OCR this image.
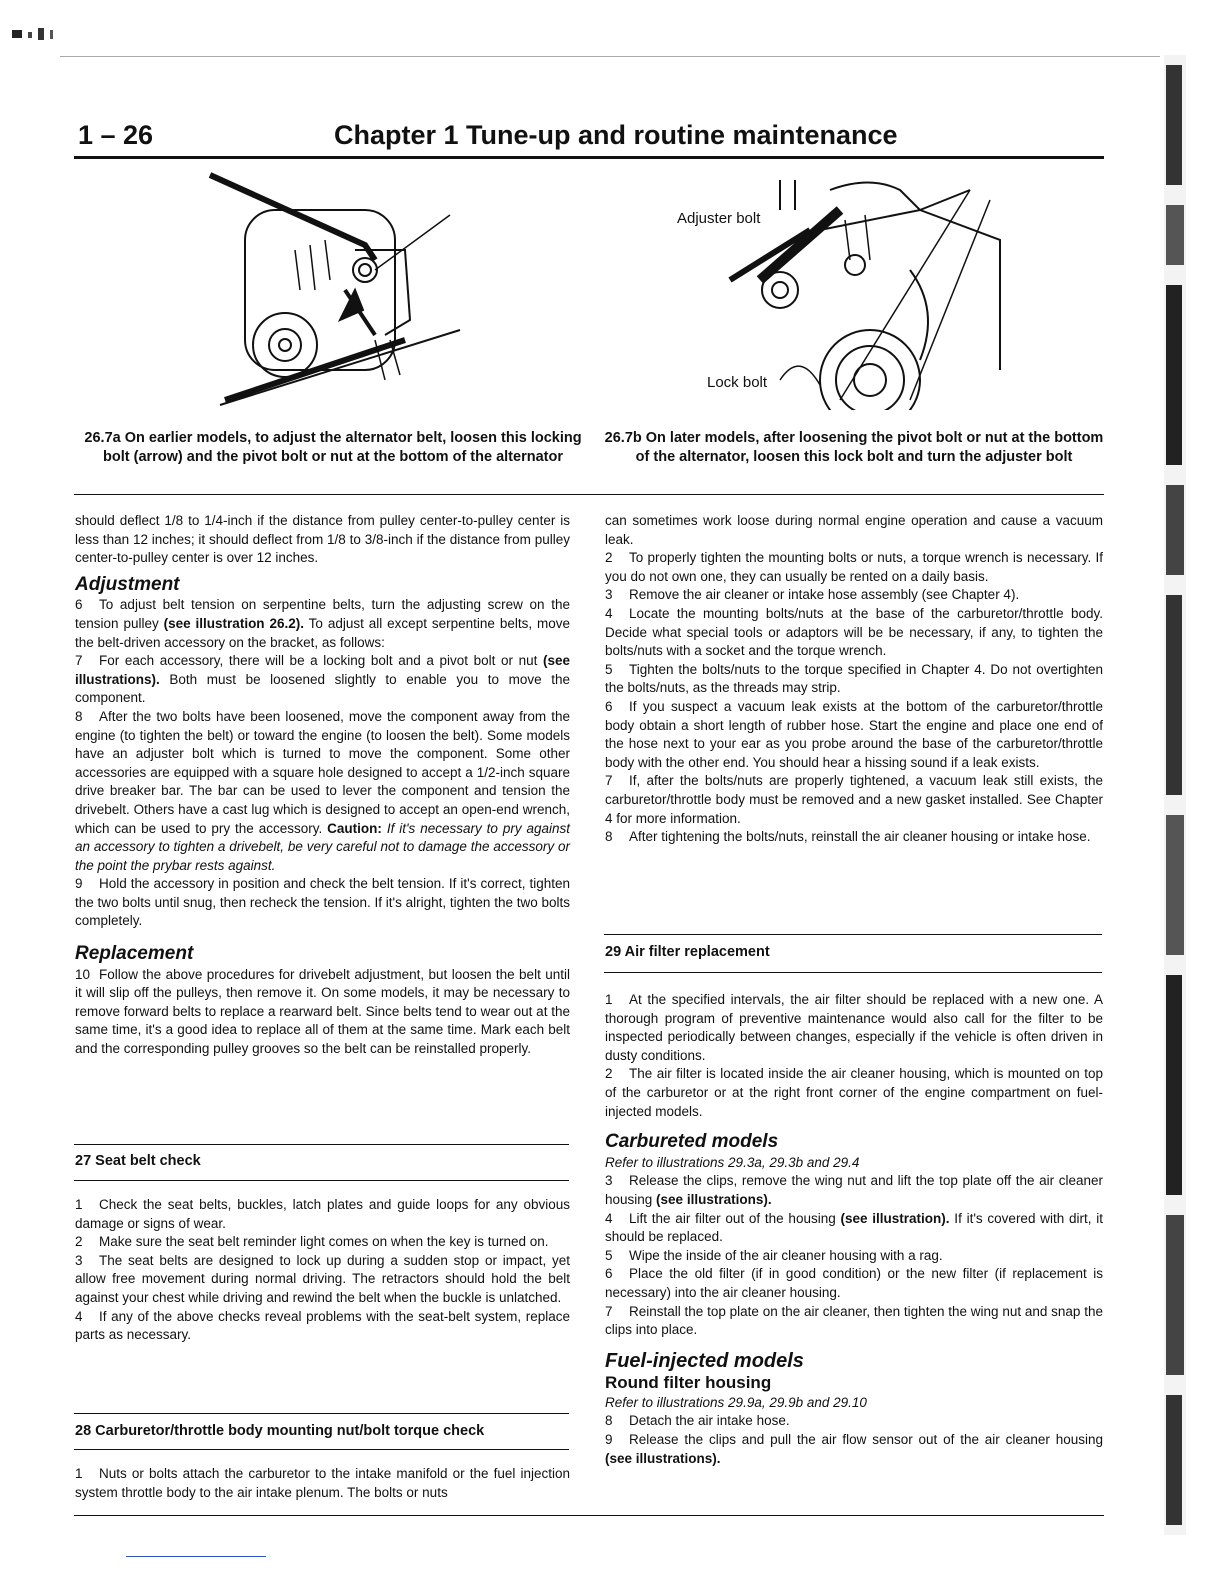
1 – 26	Chapter 1 Tune-up and routine maintenance
Adjuster bolt
Lock bolt
26.7a On earlier models, to adjust the alternator belt, loosen this locking bolt (arrow) and the pivot bolt or nut at the bottom of the alternator
26.7b On later models, after loosening the pivot bolt or nut at the bottom of the alternator, loosen this lock bolt and turn the adjuster bolt

should deflect 1/8 to 1/4-inch if the distance from pulley center-to-pulley center is less than 12 inches; it should deflect from 1/8 to 3/8-inch if the distance from pulley center-to-pulley center is over 12 inches.

Adjustment

6 To adjust belt tension on serpentine belts, turn the adjusting screw on the tension pulley (see illustration 26.2). To adjust all except serpentine belts, move the belt-driven accessory on the bracket, as follows:

7 For each accessory, there will be a locking bolt and a pivot bolt or nut (see illustrations). Both must be loosened slightly to enable you to move the component.

8 After the two bolts have been loosened, move the component away from the engine (to tighten the belt) or toward the engine (to loosen the belt). Some models have an adjuster bolt which is turned to move the component. Some other accessories are equipped with a square hole designed to accept a 1/2-inch square drive breaker bar. The bar can be used to lever the component and tension the drivebelt. Others have a cast lug which is designed to accept an open-end wrench, which can be used to pry the accessory. Caution: If it's necessary to pry against an accessory to tighten a drivebelt, be very careful not to damage the accessory or the point the prybar rests against.

9 Hold the accessory in position and check the belt tension. If it's correct, tighten the two bolts until snug, then recheck the tension. If it's alright, tighten the two bolts completely.

Replacement

10 Follow the above procedures for drivebelt adjustment, but loosen the belt until it will slip off the pulleys, then remove it. On some models, it may be necessary to remove forward belts to replace a rearward belt. Since belts tend to wear out at the same time, it's a good idea to replace all of them at the same time. Mark each belt and the corresponding pulley grooves so the belt can be reinstalled properly.

27 Seat belt check

1 Check the seat belts, buckles, latch plates and guide loops for any obvious damage or signs of wear.

2 Make sure the seat belt reminder light comes on when the key is turned on.

3 The seat belts are designed to lock up during a sudden stop or impact, yet allow free movement during normal driving. The retractors should hold the belt against your chest while driving and rewind the belt when the buckle is unlatched.

4 If any of the above checks reveal problems with the seat-belt system, replace parts as necessary.

28 Carburetor/throttle body mounting nut/bolt torque check

1 Nuts or bolts attach the carburetor to the intake manifold or the fuel injection system throttle body to the air intake plenum. The bolts or nuts

can sometimes work loose during normal engine operation and cause a vacuum leak.

2 To properly tighten the mounting bolts or nuts, a torque wrench is necessary. If you do not own one, they can usually be rented on a daily basis.

3 Remove the air cleaner or intake hose assembly (see Chapter 4).

4 Locate the mounting bolts/nuts at the base of the carburetor/throttle body. Decide what special tools or adaptors will be be necessary, if any, to tighten the bolts/nuts with a socket and the torque wrench.

5 Tighten the bolts/nuts to the torque specified in Chapter 4. Do not overtighten the bolts/nuts, as the threads may strip.

6 If you suspect a vacuum leak exists at the bottom of the carburetor/throttle body obtain a short length of rubber hose. Start the engine and place one end of the hose next to your ear as you probe around the base of the carburetor/throttle body with the other end. You should hear a hissing sound if a leak exists.

7 If, after the bolts/nuts are properly tightened, a vacuum leak still exists, the carburetor/throttle body must be removed and a new gasket installed. See Chapter 4 for more information.

8 After tightening the bolts/nuts, reinstall the air cleaner housing or intake hose.

29 Air filter replacement

1 At the specified intervals, the air filter should be replaced with a new one. A thorough program of preventive maintenance would also call for the filter to be inspected periodically between changes, especially if the vehicle is often driven in dusty conditions.

2 The air filter is located inside the air cleaner housing, which is mounted on top of the carburetor or at the right front corner of the engine compartment on fuel-injected models.

Carbureted models

Refer to illustrations 29.3a, 29.3b and 29.4

3 Release the clips, remove the wing nut and lift the top plate off the air cleaner housing (see illustrations).

4 Lift the air filter out of the housing (see illustration). If it's covered with dirt, it should be replaced.

5 Wipe the inside of the air cleaner housing with a rag.

6 Place the old filter (if in good condition) or the new filter (if replacement is necessary) into the air cleaner housing.

7 Reinstall the top plate on the air cleaner, then tighten the wing nut and snap the clips into place.

Fuel-injected models
Round filter housing

Refer to illustrations 29.9a, 29.9b and 29.10

8 Detach the air intake hose.

9 Release the clips and pull the air flow sensor out of the air cleaner housing (see illustrations).
